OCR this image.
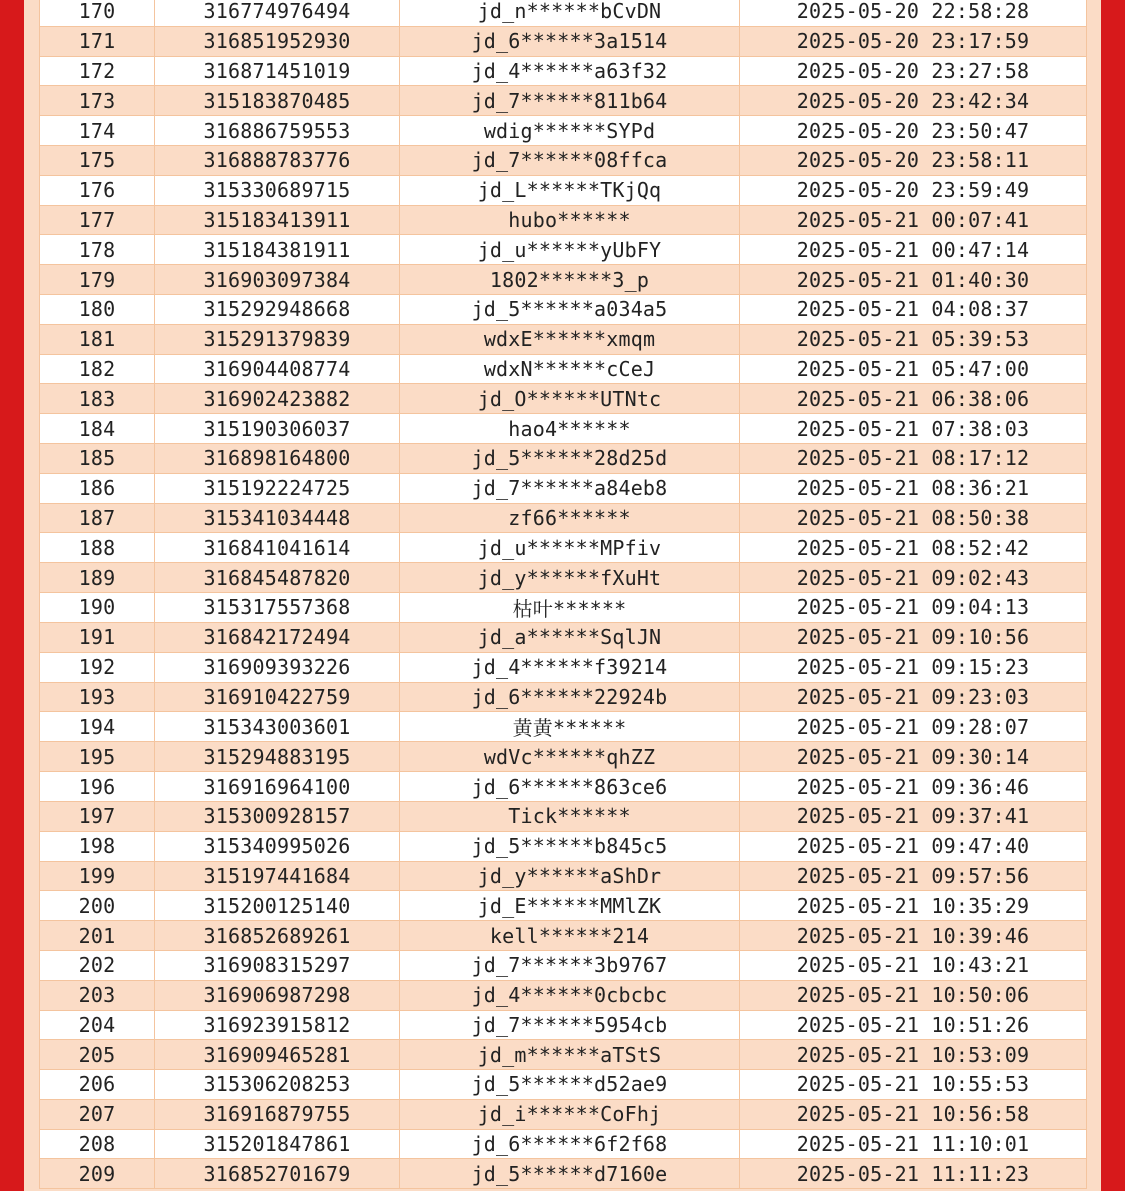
170	316774976494	jd_n******bCvDN	2025-05-20 22:58:28
171	316851952930	jd_6******3a1514	2025-05-20 23:17:59
172	316871451019	jd_4******a63f32	2025-05-20 23:27:58
173	315183870485	jd_7******811b64	2025-05-20 23:42:34
174	316886759553	wdig******SYPd	2025-05-20 23:50:47
175	316888783776	jd_7******08ffca	2025-05-20 23:58:11
176	315330689715	jd_L******TKjQq	2025-05-20 23:59:49
177	315183413911	hubo******	2025-05-21 00:07:41
178	315184381911	jd_u******yUbFY	2025-05-21 00:47:14
179	316903097384	1802******3_p	2025-05-21 01:40:30
180	315292948668	jd_5******a034a5	2025-05-21 04:08:37
181	315291379839	wdxE******xmqm	2025-05-21 05:39:53
182	316904408774	wdxN******cCeJ	2025-05-21 05:47:00
183	316902423882	jd_O******UTNtc	2025-05-21 06:38:06
184	315190306037	hao4******	2025-05-21 07:38:03
185	316898164800	jd_5******28d25d	2025-05-21 08:17:12
186	315192224725	jd_7******a84eb8	2025-05-21 08:36:21
187	315341034448	zf66******	2025-05-21 08:50:38
188	316841041614	jd_u******MPfiv	2025-05-21 08:52:42
189	316845487820	jd_y******fXuHt	2025-05-21 09:02:43
190	315317557368	枯叶******	2025-05-21 09:04:13
191	316842172494	jd_a******SqlJN	2025-05-21 09:10:56
192	316909393226	jd_4******f39214	2025-05-21 09:15:23
193	316910422759	jd_6******22924b	2025-05-21 09:23:03
194	315343003601	黄黄******	2025-05-21 09:28:07
195	315294883195	wdVc******qhZZ	2025-05-21 09:30:14
196	316916964100	jd_6******863ce6	2025-05-21 09:36:46
197	315300928157	Tick******	2025-05-21 09:37:41
198	315340995026	jd_5******b845c5	2025-05-21 09:47:40
199	315197441684	jd_y******aShDr	2025-05-21 09:57:56
200	315200125140	jd_E******MMlZK	2025-05-21 10:35:29
201	316852689261	kell******214	2025-05-21 10:39:46
202	316908315297	jd_7******3b9767	2025-05-21 10:43:21
203	316906987298	jd_4******0cbcbc	2025-05-21 10:50:06
204	316923915812	jd_7******5954cb	2025-05-21 10:51:26
205	316909465281	jd_m******aTStS	2025-05-21 10:53:09
206	315306208253	jd_5******d52ae9	2025-05-21 10:55:53
207	316916879755	jd_i******CoFhj	2025-05-21 10:56:58
208	315201847861	jd_6******6f2f68	2025-05-21 11:10:01
209	316852701679	jd_5******d7160e	2025-05-21 11:11:23
